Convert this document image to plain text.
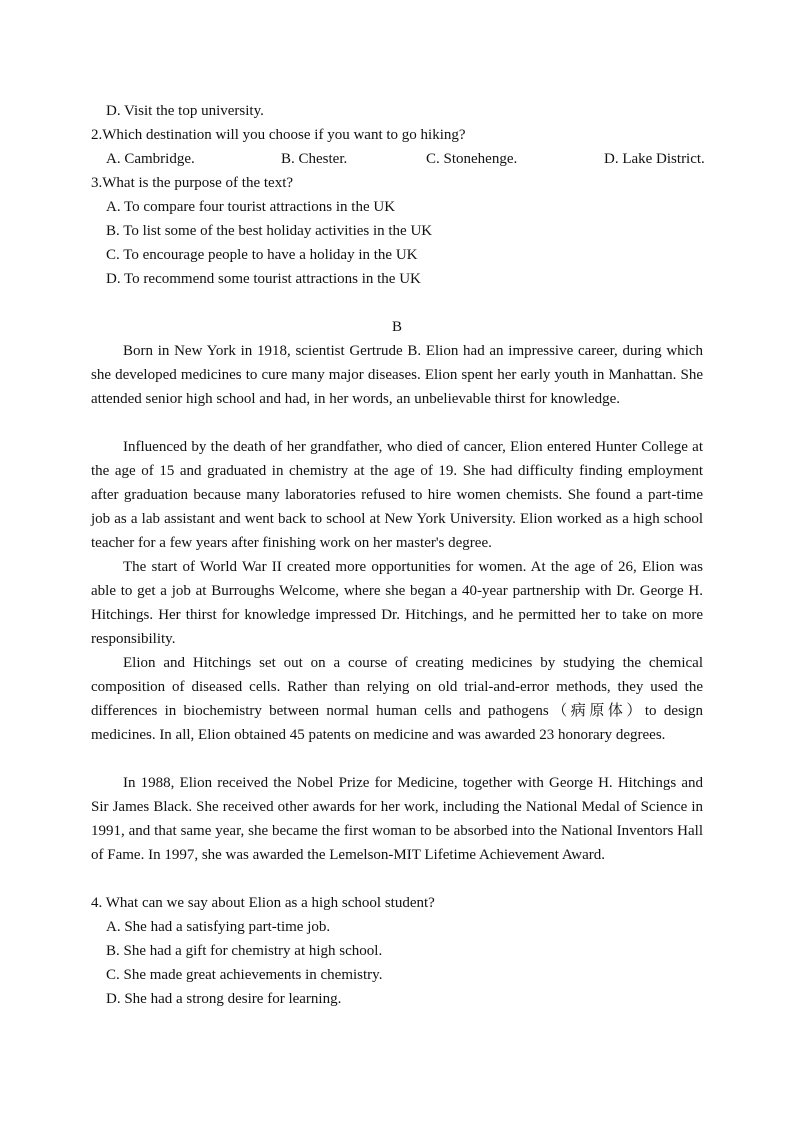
D. Visit the top university.
2.Which destination will you choose if you want to go hiking?
A. Cambridge.	B. Chester.	C. Stonehenge.	D. Lake District.
3.What is the purpose of the text?
A. To compare four tourist attractions in the UK
B. To list some of the best holiday activities in the UK
C. To encourage people to have a holiday in the UK
D. To recommend some tourist attractions in the UK
B

Born in New York in 1918, scientist Gertrude B. Elion had an impressive career, during which she developed medicines to cure many major diseases. Elion spent her early youth in Manhattan. She attended senior high school and had, in her words, an unbelievable thirst for knowledge.

Influenced by the death of her grandfather, who died of cancer, Elion entered Hunter College at the age of 15 and graduated in chemistry at the age of 19. She had difficulty finding employment after graduation because many laboratories refused to hire women chemists. She found a part-time job as a lab assistant and went back to school at New York University. Elion worked as a high school teacher for a few years after finishing work on her master's degree.

The start of World War II created more opportunities for women. At the age of 26, Elion was able to get a job at Burroughs Welcome, where she began a 40-year partnership with Dr. George H. Hitchings. Her thirst for knowledge impressed Dr. Hitchings, and he permitted her to take on more responsibility.

Elion and Hitchings set out on a course of creating medicines by studying the chemical composition of diseased cells. Rather than relying on old trial-and-error methods, they used the differences in biochemistry between normal human cells and pathogens（病原体）to design medicines. In all, Elion obtained 45 patents on medicine and was awarded 23 honorary degrees.

In 1988, Elion received the Nobel Prize for Medicine, together with George H. Hitchings and Sir James Black. She received other awards for her work, including the National Medal of Science in 1991, and that same year, she became the first woman to be absorbed into the National Inventors Hall of Fame. In 1997, she was awarded the Lemelson-MIT Lifetime Achievement Award.

4. What can we say about Elion as a high school student?
A. She had a satisfying part-time job.
B. She had a gift for chemistry at high school.
C. She made great achievements in chemistry.
D. She had a strong desire for learning.
